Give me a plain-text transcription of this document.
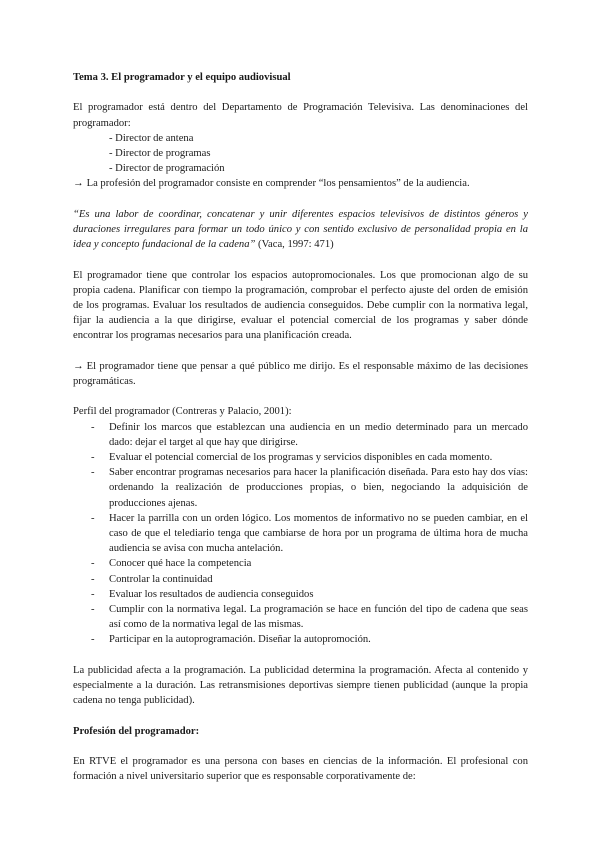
Tema 3. El programador y el equipo audiovisual

El programador está dentro del Departamento de Programación Televisiva. Las denominaciones del programador:

- Director de antena
- Director de programas
- Director de programación

→ La profesión del programador consiste en comprender “los pensamientos” de la audiencia.

“Es una labor de coordinar, concatenar y unir diferentes espacios televisivos de distintos géneros y duraciones irregulares para formar un todo único y con sentido exclusivo de personalidad propia en la idea y concepto fundacional de la cadena” (Vaca, 1997: 471)

El programador tiene que controlar los espacios autopromocionales. Los que promocionan algo de su propia cadena. Planificar con tiempo la programación, comprobar el perfecto ajuste del orden de emisión de los programas. Evaluar los resultados de audiencia conseguidos. Debe cumplir con la normativa legal, fijar la audiencia a la que dirigirse, evaluar el potencial comercial de los programas y saber dónde encontrar los programas necesarios para una planificación creada.

→ El programador tiene que pensar a qué público me dirijo. Es el responsable máximo de las decisiones programáticas.

Perfil del programador (Contreras y Palacio, 2001):

- Definir los marcos que establezcan una audiencia en un medio determinado para un mercado dado: dejar el target al que hay que dirigirse.
- Evaluar el potencial comercial de los programas y servicios disponibles en cada momento.
- Saber encontrar programas necesarios para hacer la planificación diseñada. Para esto hay dos vías: ordenando la realización de producciones propias, o bien, negociando la adquisición de producciones ajenas.
- Hacer la parrilla con un orden lógico. Los momentos de informativo no se pueden cambiar, en el caso de que el telediario tenga que cambiarse de hora por un programa de última hora de mucha audiencia se avisa con mucha antelación.
- Conocer qué hace la competencia
- Controlar la continuidad
- Evaluar los resultados de audiencia conseguidos
- Cumplir con la normativa legal. La programación se hace en función del tipo de cadena que seas así como de la normativa legal de las mismas.
- Participar en la autoprogramación. Diseñar la autopromoción.

La publicidad afecta a la programación. La publicidad determina la programación. Afecta al contenido y especialmente a la duración. Las retransmisiones deportivas siempre tienen publicidad (aunque la propia cadena no tenga publicidad).

Profesión del programador:

En RTVE el programador es una persona con bases en ciencias de la información. El profesional con formación a nivel universitario superior que es responsable corporativamente de:
